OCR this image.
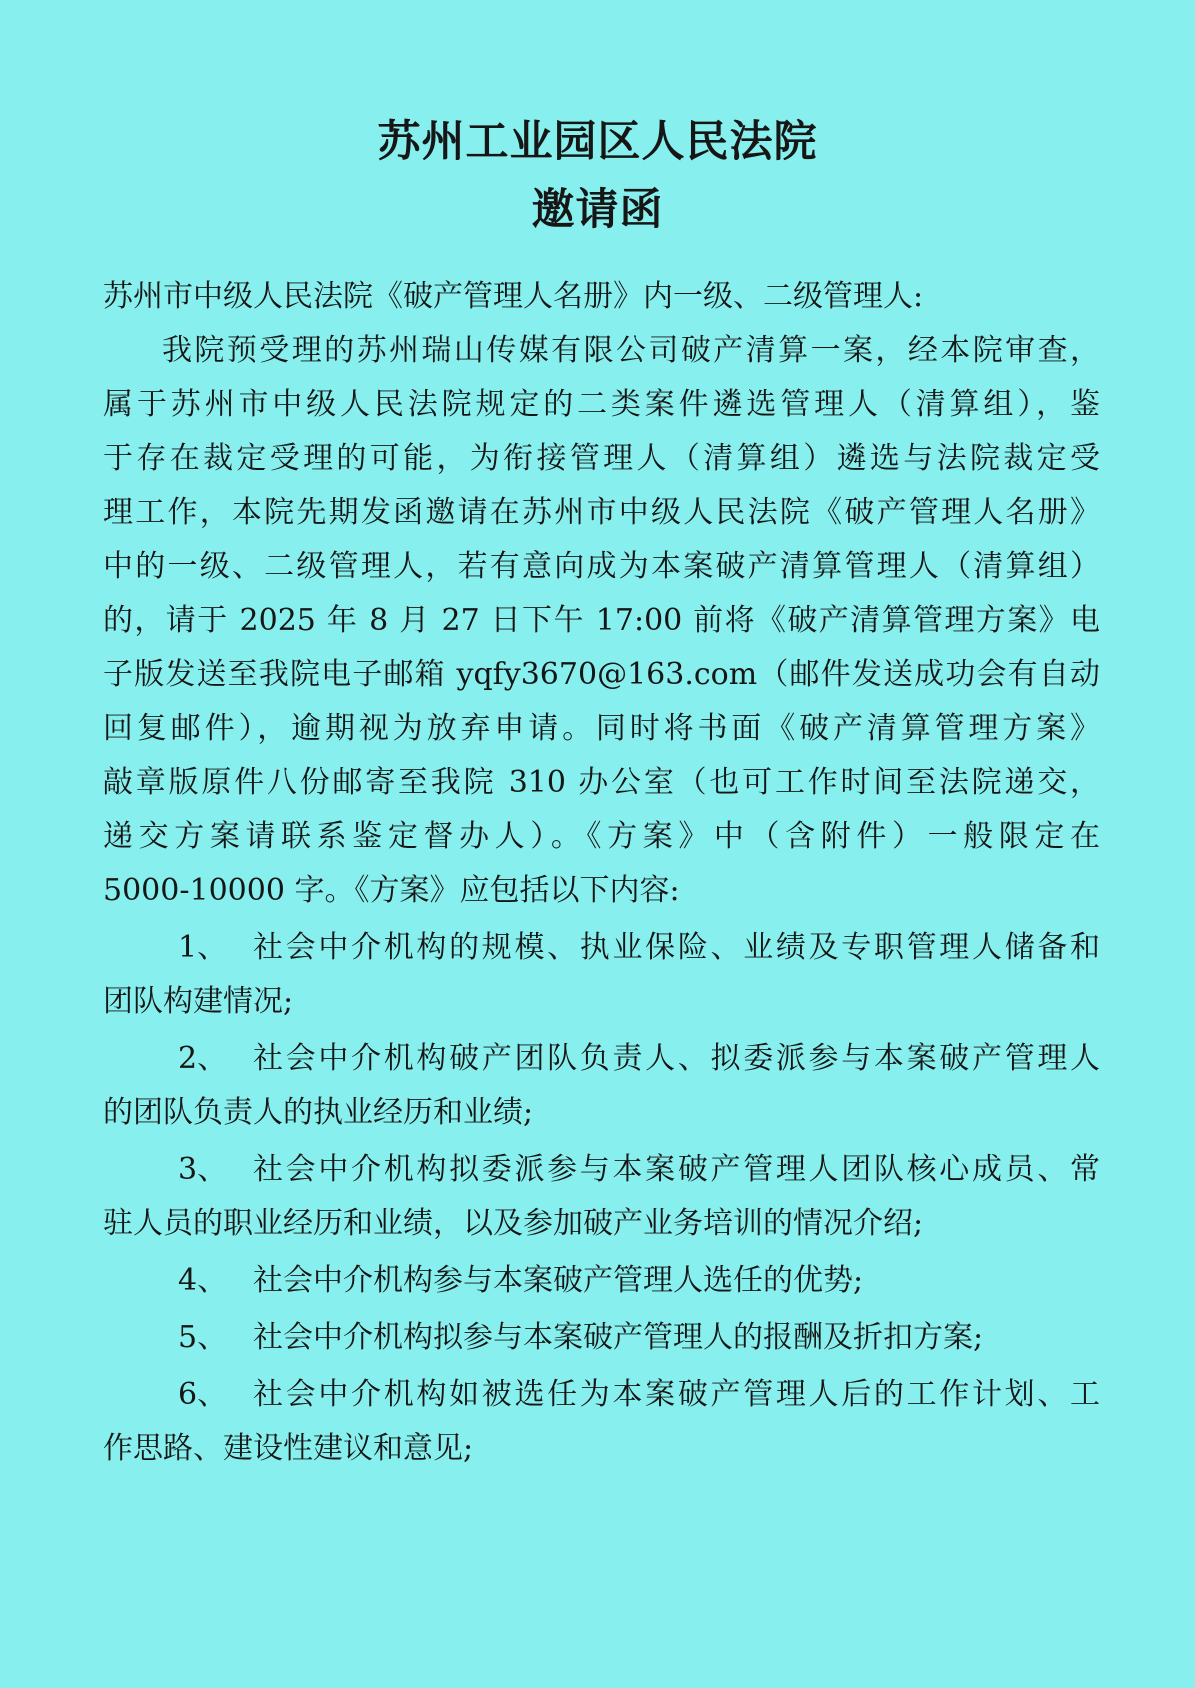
苏州工业园区人民法院
邀请函
苏州市中级人民法院《破产管理人名册》内一级、二级管理人:
我院预受理的苏州瑞山传媒有限公司破产清算一案，经本院审查，
属于苏州市中级人民法院规定的二类案件遴选管理人（清算组），鉴
于存在裁定受理的可能，为衔接管理人（清算组）遴选与法院裁定受
理工作，本院先期发函邀请在苏州市中级人民法院《破产管理人名册》
中的一级、二级管理人，若有意向成为本案破产清算管理人（清算组）
的，请于 2025 年 8 月 27 日下午 17:00 前将《破产清算管理方案》电
子版发送至我院电子邮箱 yqfy3670@163.com（邮件发送成功会有自动
回复邮件），逾期视为放弃申请。同时将书面《破产清算管理方案》
敲章版原件八份邮寄至我院 310 办公室（也可工作时间至法院递交，
递交方案请联系鉴定督办人）。《方案》中（含附件）一般限定在
5000-10000 字。《方案》应包括以下内容:
1、 社会中介机构的规模、执业保险、业绩及专职管理人储备和
团队构建情况;
2、 社会中介机构破产团队负责人、拟委派参与本案破产管理人
的团队负责人的执业经历和业绩;
3、 社会中介机构拟委派参与本案破产管理人团队核心成员、常
驻人员的职业经历和业绩，以及参加破产业务培训的情况介绍;
4、 社会中介机构参与本案破产管理人选任的优势;
5、 社会中介机构拟参与本案破产管理人的报酬及折扣方案;
6、 社会中介机构如被选任为本案破产管理人后的工作计划、工
作思路、建设性建议和意见;
